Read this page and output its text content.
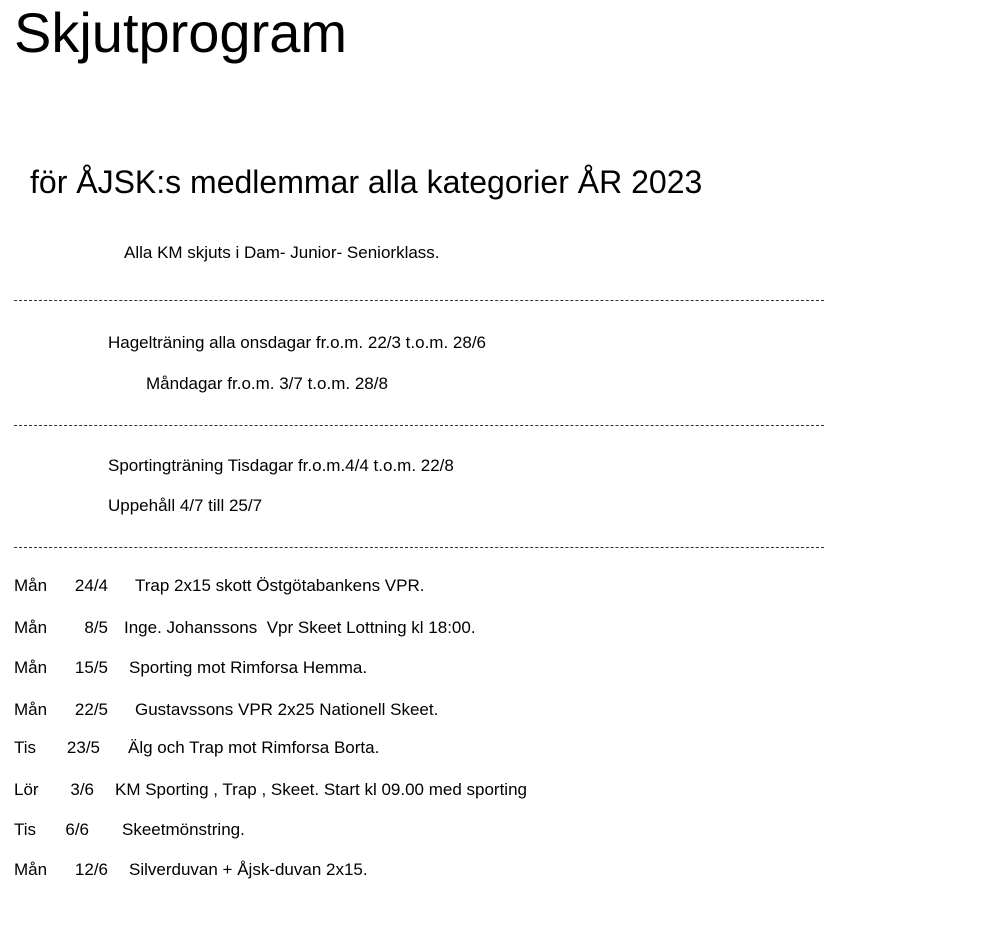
Skjutprogram
för ÅJSK:s medlemmar alla kategorier ÅR 2023
Alla KM skjuts i Dam- Junior- Seniorklass.
Hagelträning alla onsdagar fr.o.m. 22/3 t.o.m. 28/6
Måndagar fr.o.m. 3/7 t.o.m. 28/8
Sportingträning Tisdagar fr.o.m.4/4 t.o.m. 22/8
Uppehåll 4/7 till 25/7
Mån 24/4 Trap 2x15 skott Östgötabankens VPR.
Mån 8/5 Inge. Johanssons  Vpr Skeet Lottning kl 18:00.
Mån 15/5 Sporting mot Rimforsa Hemma.
Mån 22/5 Gustavssons VPR 2x25 Nationell Skeet.
Tis 23/5 Älg och Trap mot Rimforsa Borta.
Lör 3/6 KM Sporting , Trap , Skeet. Start kl 09.00 med sporting
Tis 6/6 Skeetmönstring.
Mån 12/6 Silverduvan + Åjsk-duvan 2x15.
